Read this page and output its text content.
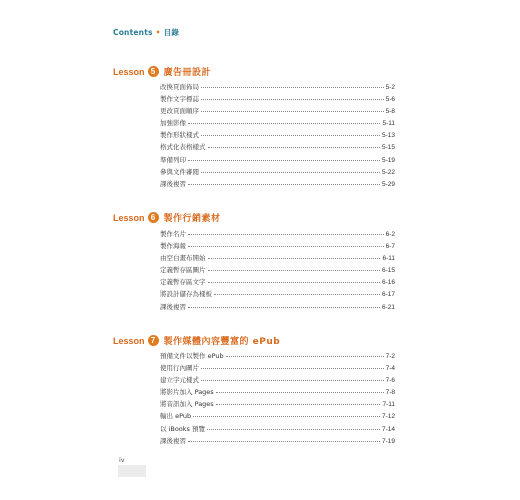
Contents • 目錄
Lesson 5 廣告冊設計
改換頁面佈局	5-2
製作文字標誌	5-6
更改頁面順序	5-8
加強影像	5-11
製作形狀樣式	5-13
格式化表格樣式	5-15
準備列印	5-19
參與文件審閱	5-22
課後複習	5-29
Lesson 6 製作行銷素材
製作名片	6-2
製作海報	6-7
由空白畫布開始	6-11
定義暫存區圖片	6-15
定義暫存區文字	6-16
將設計儲存為樣板	6-17
課後複習	6-21
Lesson 7 製作媒體內容豐富的 ePub
預備文件以製作 ePub	7-2
使用行內圖片	7-4
建立字元樣式	7-6
將影片加入 Pages	7-8
將音訊加入 Pages	7-11
輸出 ePub	7-12
以 iBooks 預覽	7-14
課後複習	7-19
iv
